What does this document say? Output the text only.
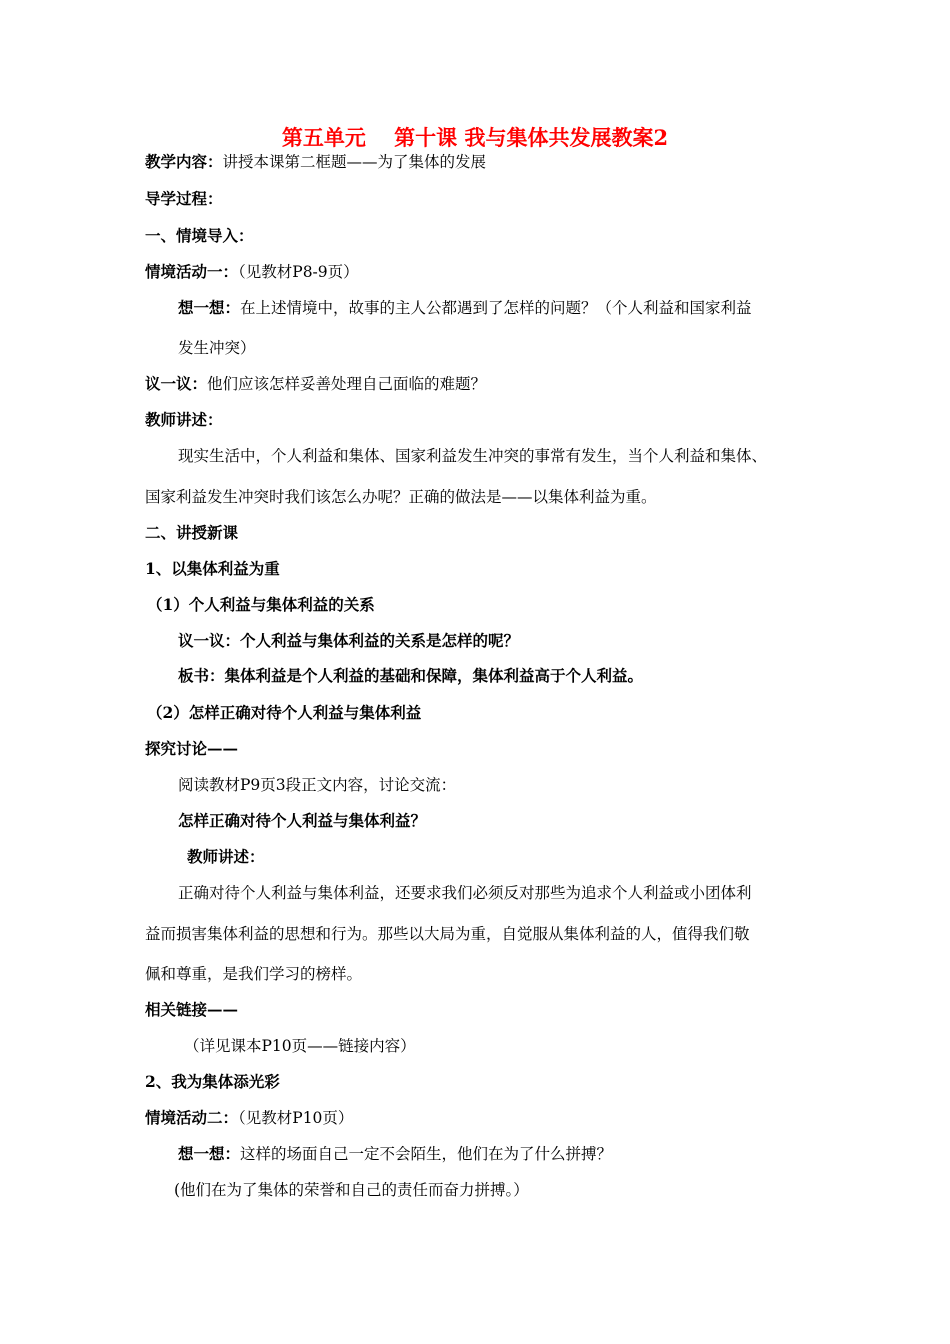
第五单元　 第十课 我与集体共发展教案2
教学内容：讲授本课第二框题——为了集体的发展
导学过程：
一、情境导入：
情境活动一：（见教材P8-9页）
想一想：在上述情境中，故事的主人公都遇到了怎样的问题？（个人利益和国家利益
发生冲突）
议一议：他们应该怎样妥善处理自己面临的难题？
教师讲述：
现实生活中，个人利益和集体、国家利益发生冲突的事常有发生，当个人利益和集体、
国家利益发生冲突时我们该怎么办呢？正确的做法是——以集体利益为重。
二、讲授新课
1、以集体利益为重
（1）个人利益与集体利益的关系
议一议：个人利益与集体利益的关系是怎样的呢？
板书：集体利益是个人利益的基础和保障，集体利益高于个人利益。
（2）怎样正确对待个人利益与集体利益
探究讨论——
阅读教材P9页3段正文内容，讨论交流：
怎样正确对待个人利益与集体利益？
教师讲述：
正确对待个人利益与集体利益，还要求我们必须反对那些为追求个人利益或小团体利
益而损害集体利益的思想和行为。那些以大局为重，自觉服从集体利益的人，值得我们敬
佩和尊重，是我们学习的榜样。
相关链接——
（详见课本P10页——链接内容）
2、我为集体添光彩
情境活动二：（见教材P10页）
想一想：这样的场面自己一定不会陌生，他们在为了什么拼搏？
(他们在为了集体的荣誉和自己的责任而奋力拼搏。）
